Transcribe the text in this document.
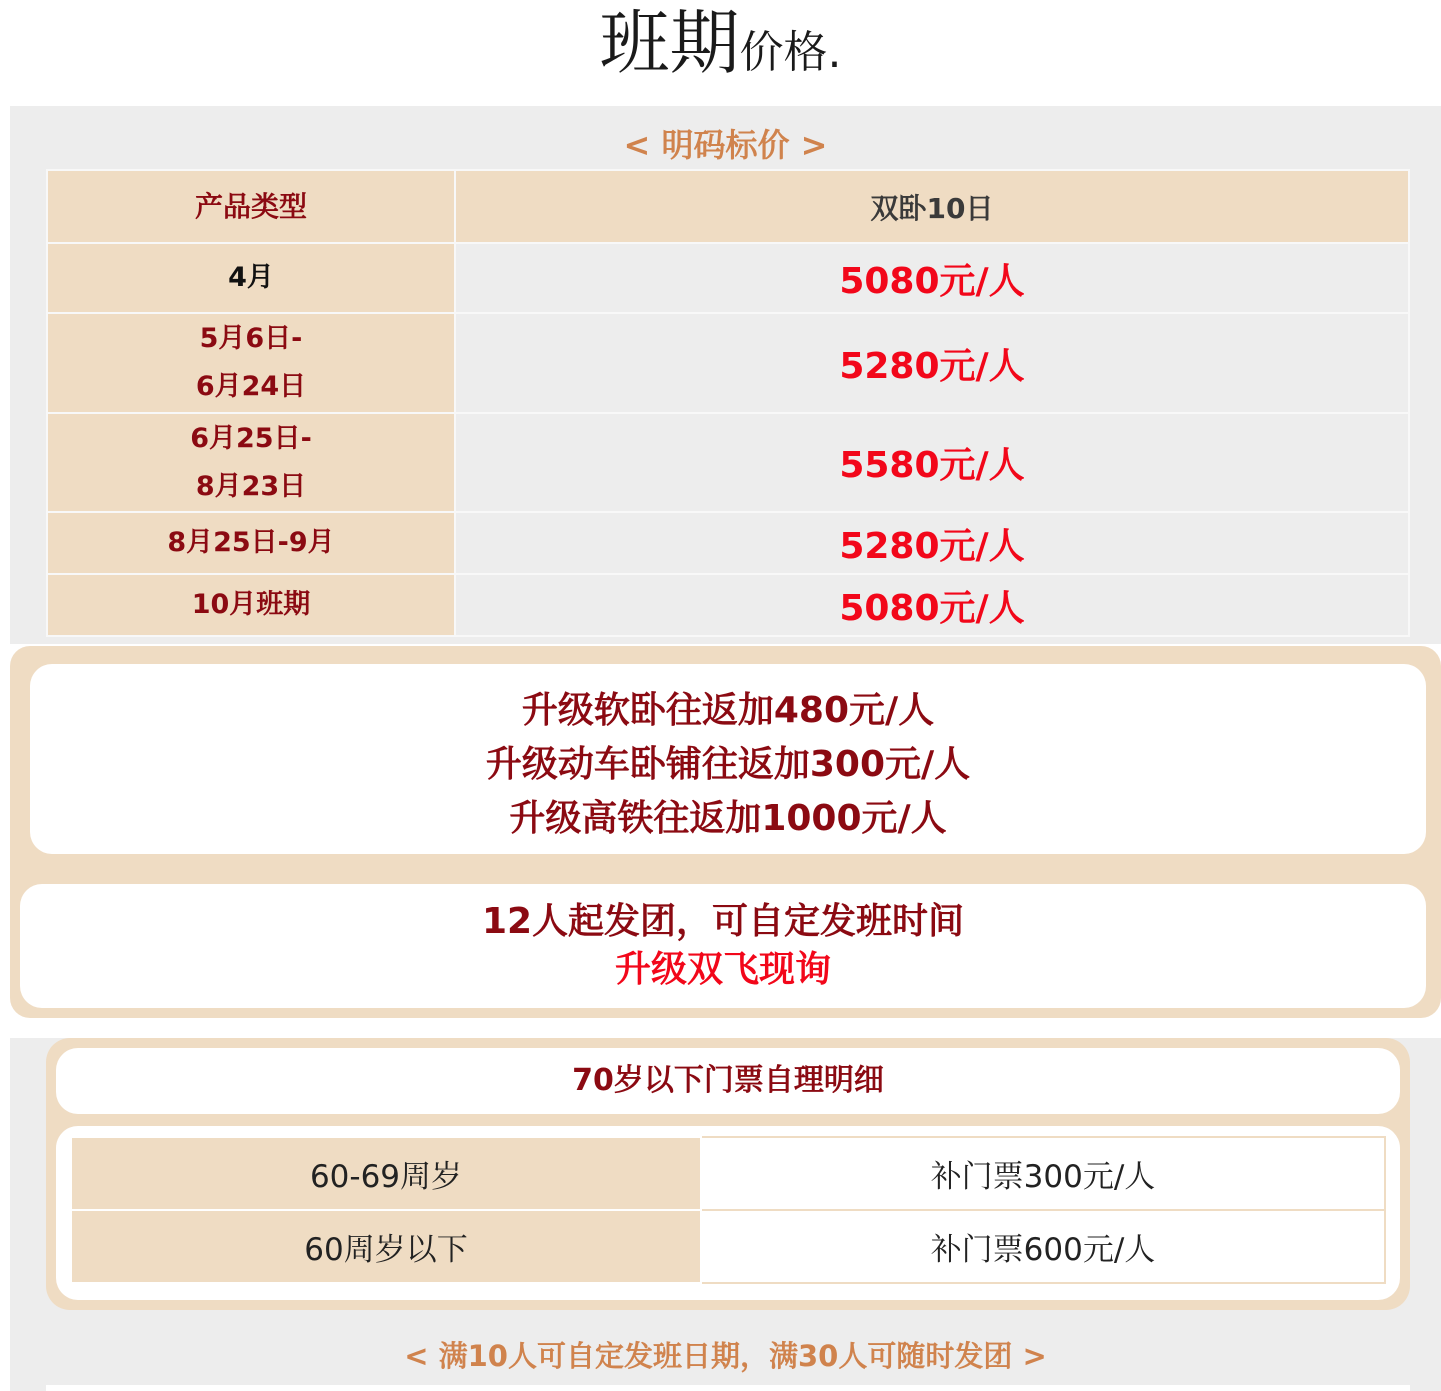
班期价格.
< 明码标价 >
产品类型	双卧10日
4月	5080元/人

5月6日-
6月24日	5280元/人

6月25日-
8月23日	5580元/人
8月25日-9月	5280元/人
10月班期	5080元/人
升级软卧往返加480元/人
升级动车卧铺往返加300元/人
升级高铁往返加1000元/人
12人起发团，可自定发班时间
升级双飞现询
70岁以下门票自理明细
60-69周岁	补门票300元/人
60周岁以下	补门票600元/人
< 满10人可自定发班日期，满30人可随时发团 >
